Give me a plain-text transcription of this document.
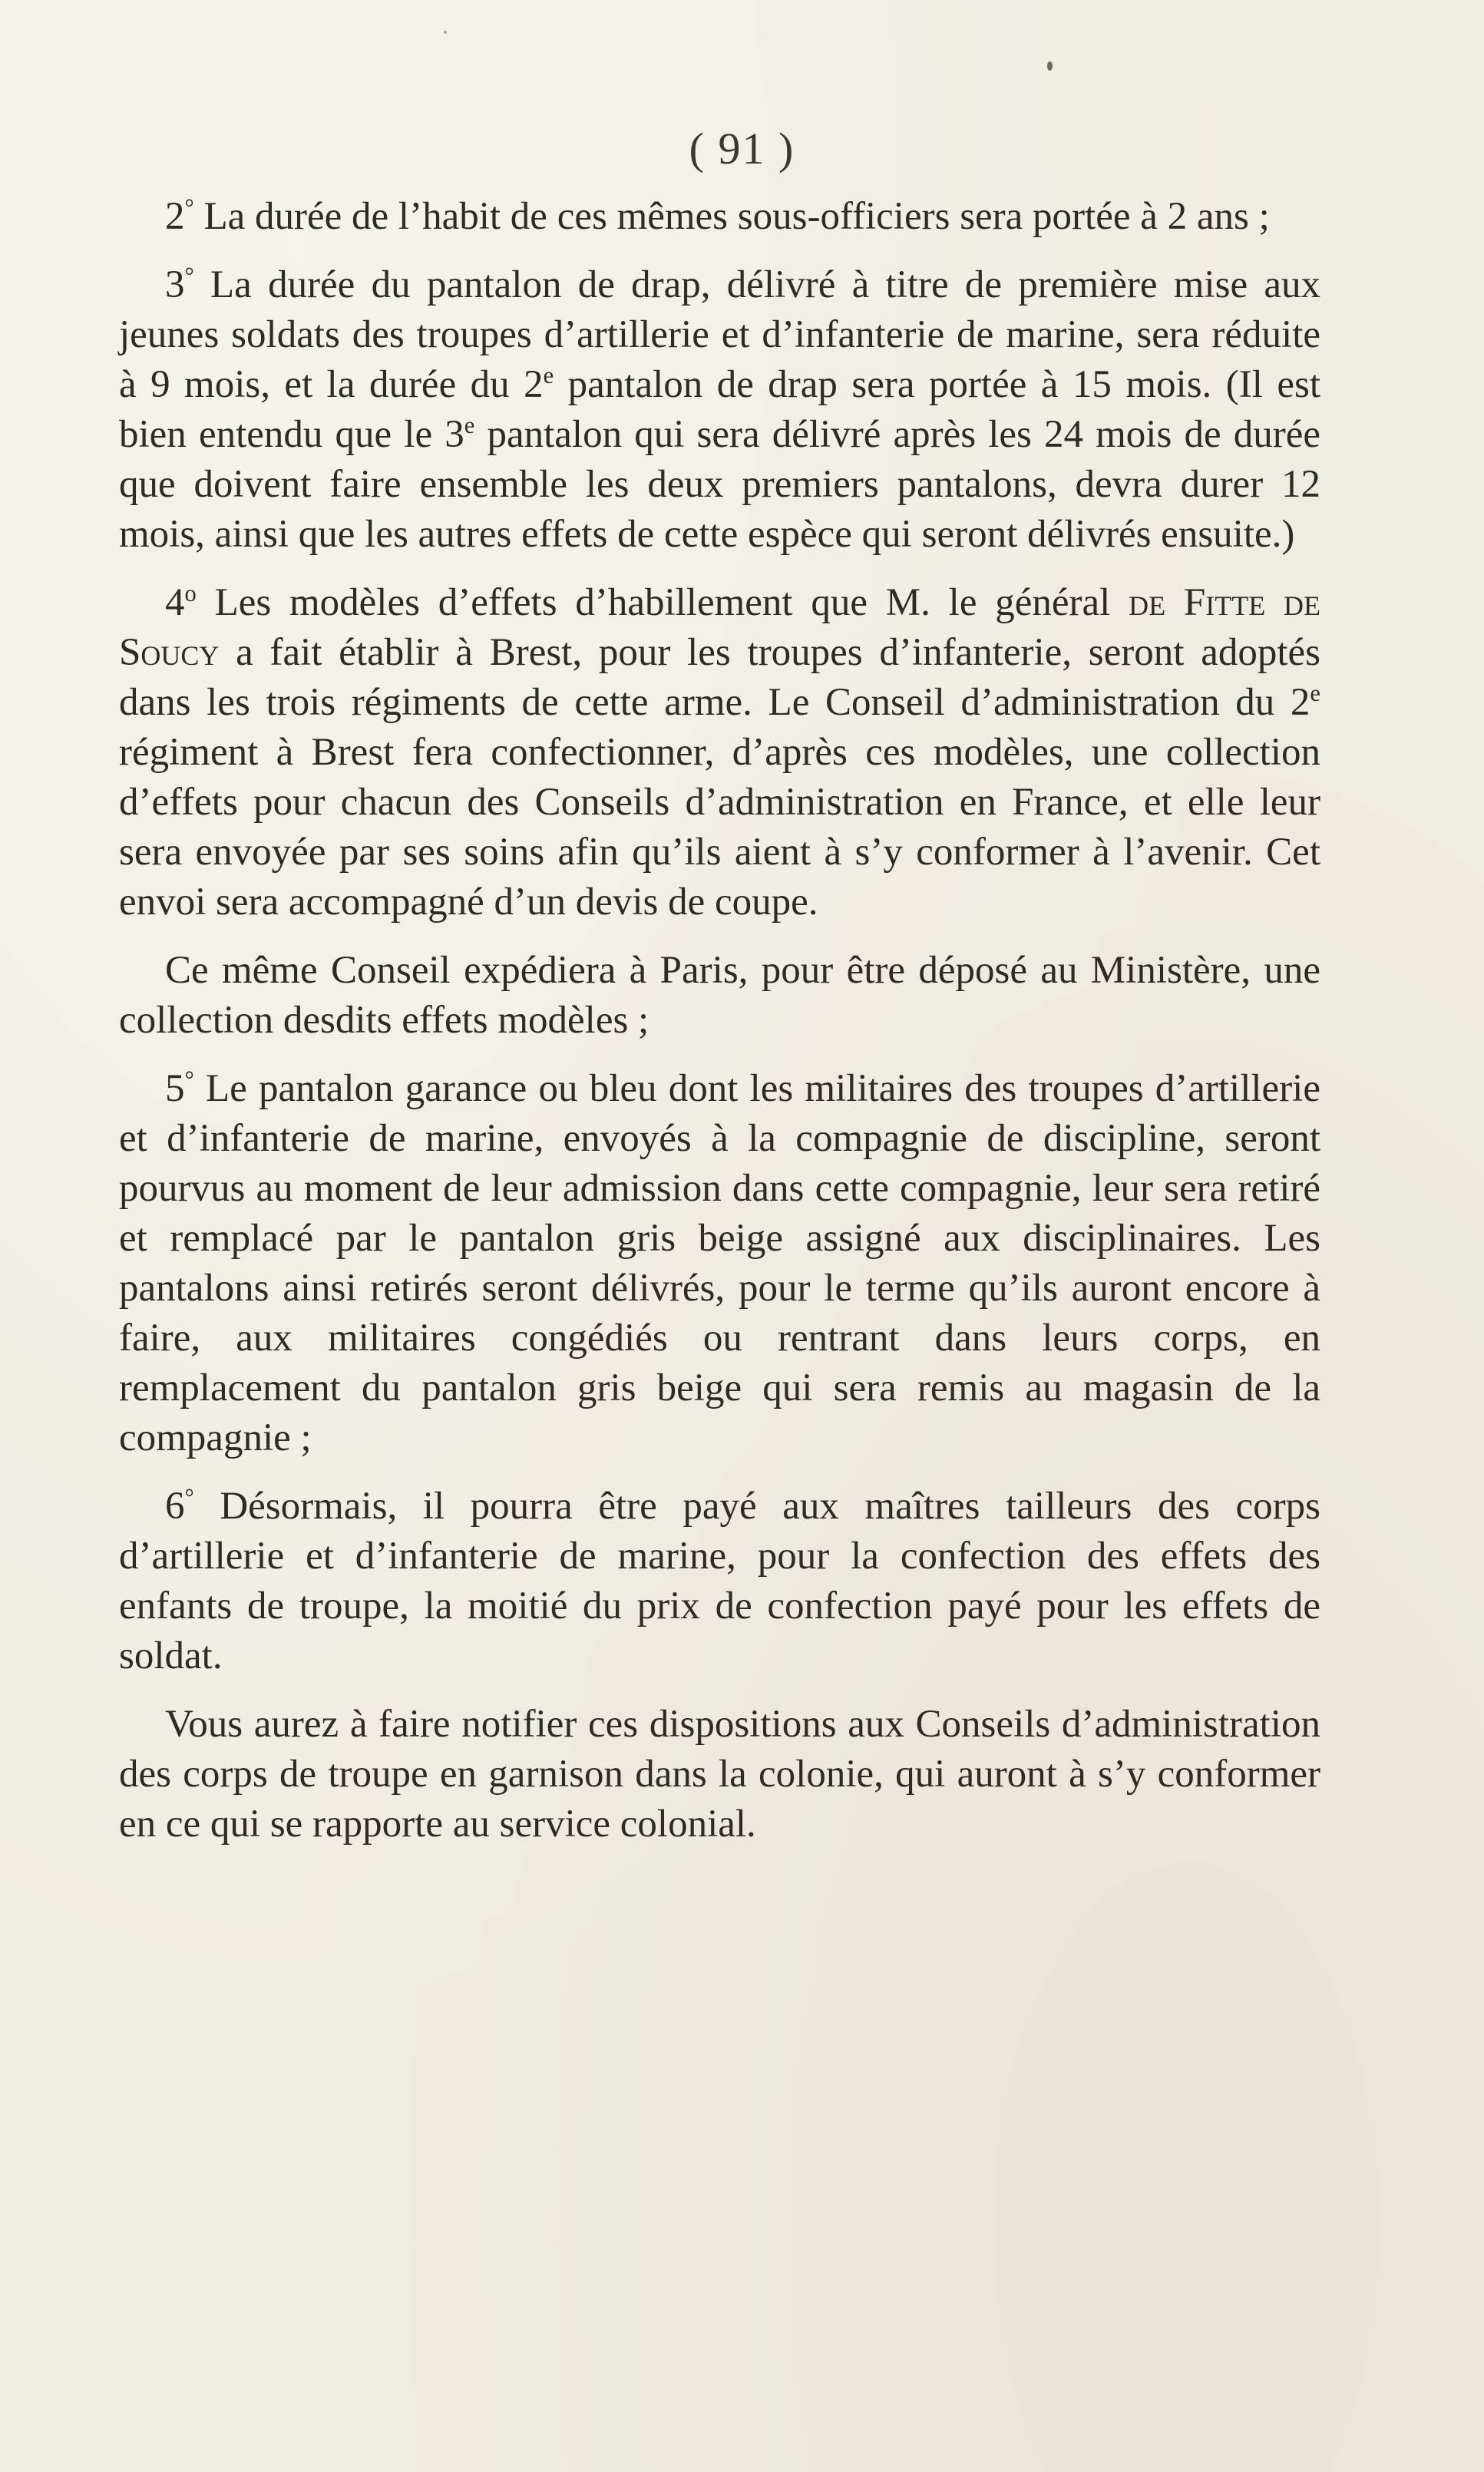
( 91 )

2° La durée de l’habit de ces mêmes sous-officiers sera portée à 2 ans ;

3° La durée du pantalon de drap, délivré à titre de première mise aux jeunes soldats des troupes d’artillerie et d’infanterie de marine, sera réduite à 9 mois, et la durée du 2e pantalon de drap sera portée à 15 mois. (Il est bien entendu que le 3e pantalon qui sera délivré après les 24 mois de durée que doivent faire ensemble les deux premiers pantalons, devra durer 12 mois, ainsi que les autres effets de cette espèce qui seront délivrés ensuite.)

4$^o$ Les modèles d’effets d’habillement que M. le général de Fitte de Soucy a fait établir à Brest, pour les troupes d’infanterie, seront adoptés dans les trois régiments de cette arme. Le Conseil d’administration du 2e régiment à Brest fera confectionner, d’après ces modèles, une collection d’effets pour chacun des Conseils d’administration en France, et elle leur sera envoyée par ses soins afin qu’ils aient à s’y conformer à l’avenir. Cet envoi sera accompagné d’un devis de coupe.

Ce même Conseil expédiera à Paris, pour être déposé au Ministère, une collection desdits effets modèles ;

5° Le pantalon garance ou bleu dont les militaires des troupes d’artillerie et d’infanterie de marine, envoyés à la compagnie de discipline, seront pourvus au moment de leur admission dans cette compagnie, leur sera retiré et remplacé par le pantalon gris beige assigné aux disciplinaires. Les pantalons ainsi retirés seront délivrés, pour le terme qu’ils auront encore à faire, aux militaires congédiés ou rentrant dans leurs corps, en remplacement du pantalon gris beige qui sera remis au magasin de la compagnie ;

6° Désormais, il pourra être payé aux maîtres tailleurs des corps d’artillerie et d’infanterie de marine, pour la confection des effets des enfants de troupe, la moitié du prix de confection payé pour les effets de soldat.

Vous aurez à faire notifier ces dispositions aux Conseils d’administration des corps de troupe en garnison dans la colonie, qui auront à s’y conformer en ce qui se rapporte au service colonial.
